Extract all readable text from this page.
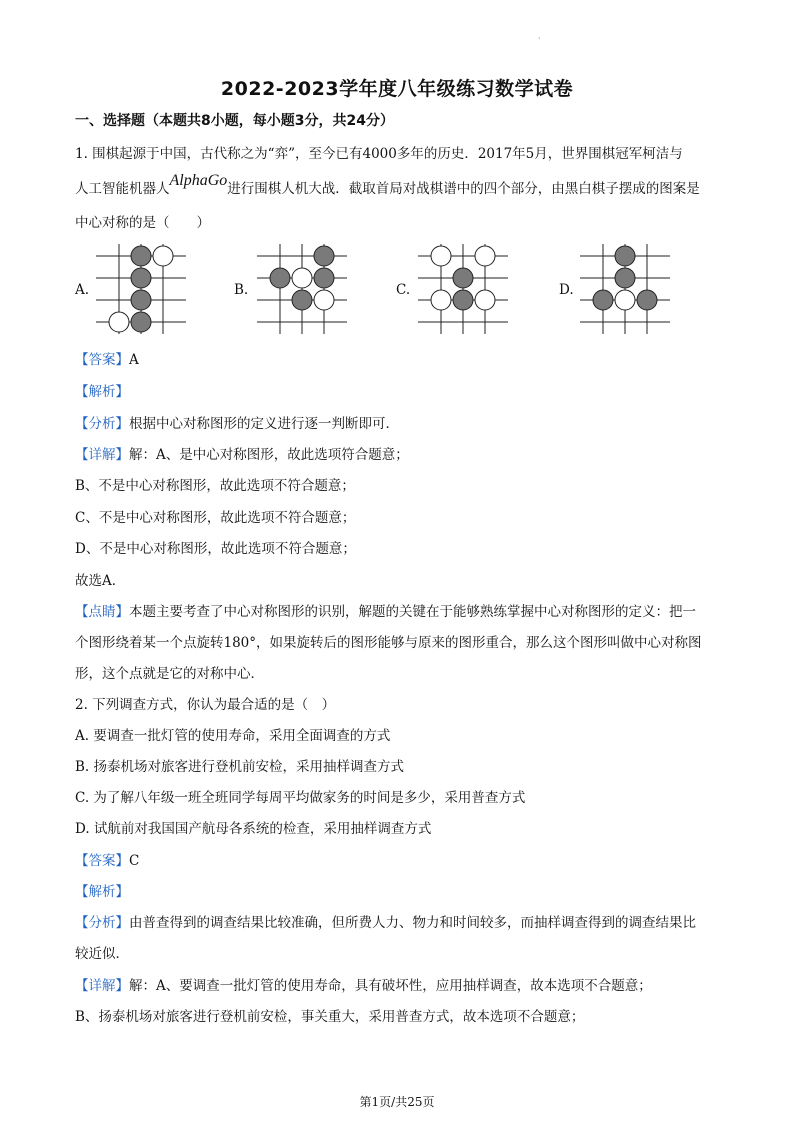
·
2022-2023学年度八年级练习数学试卷
一、选择题（本题共8小题，每小题3分，共24分）
1. 围棋起源于中国，古代称之为“弈”，至今已有4000多年的历史．2017年5月，世界围棋冠军柯洁与
人工智能机器人AlphaGo进行围棋人机大战．截取首局对战棋谱中的四个部分，由黑白棋子摆成的图案是
中心对称的是（　　）
A.	B.	C.	D.
【答案】A
【解析】
【分析】根据中心对称图形的定义进行逐一判断即可．
【详解】解：A、是中心对称图形，故此选项符合题意；
B、不是中心对称图形，故此选项不符合题意；
C、不是中心对称图形，故此选项不符合题意；
D、不是中心对称图形，故此选项不符合题意；
故选A．
【点睛】本题主要考查了中心对称图形的识别，解题的关键在于能够熟练掌握中心对称图形的定义：把一
个图形绕着某一个点旋转180°，如果旋转后的图形能够与原来的图形重合，那么这个图形叫做中心对称图
形，这个点就是它的对称中心．
2. 下列调查方式，你认为最合适的是（　）
A. 要调查一批灯管的使用寿命，采用全面调查的方式
B. 扬泰机场对旅客进行登机前安检，采用抽样调查方式
C. 为了解八年级一班全班同学每周平均做家务的时间是多少，采用普查方式
D. 试航前对我国国产航母各系统的检查，采用抽样调查方式
【答案】C
【解析】
【分析】由普查得到的调查结果比较准确，但所费人力、物力和时间较多，而抽样调查得到的调查结果比
较近似．
【详解】解：A、要调查一批灯管的使用寿命，具有破坏性，应用抽样调查，故本选项不合题意；
B、扬泰机场对旅客进行登机前安检，事关重大，采用普查方式，故本选项不合题意；
第1页/共25页
